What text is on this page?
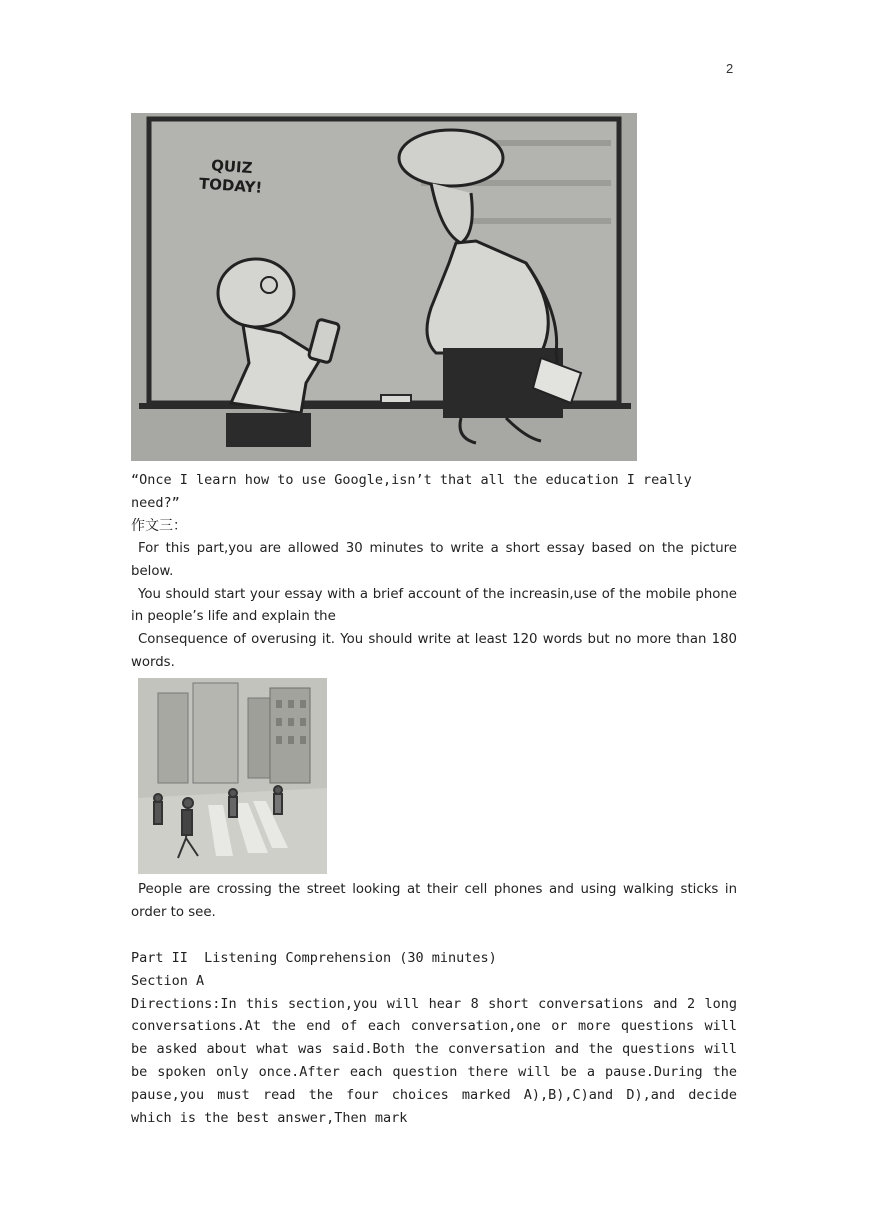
2
QUIZ
TODAY!
“Once I learn how to use Google,isn’t that all the education I really need?”
作文三：

For this part,you are allowed 30 minutes to write a short essay based on the picture below.

You should start your essay with a brief account of the increasin,use of the mobile phone in people’s life and explain the

Consequence of overusing it. You should write at least 120 words but no more than 180 words.

People are crossing the street looking at their cell phones and using walking sticks in order to see.

Part II  Listening Comprehension (30 minutes)

Section A

Directions:In this section,you will hear 8 short conversations and 2 long conversations.At the end of each conversation,one or more questions will be asked about what was said.Both the conversation and the questions will be spoken only once.After each question there will be a pause.During the pause,you must read the four choices marked A),B),C)and D),and decide which is the best answer,Then mark
